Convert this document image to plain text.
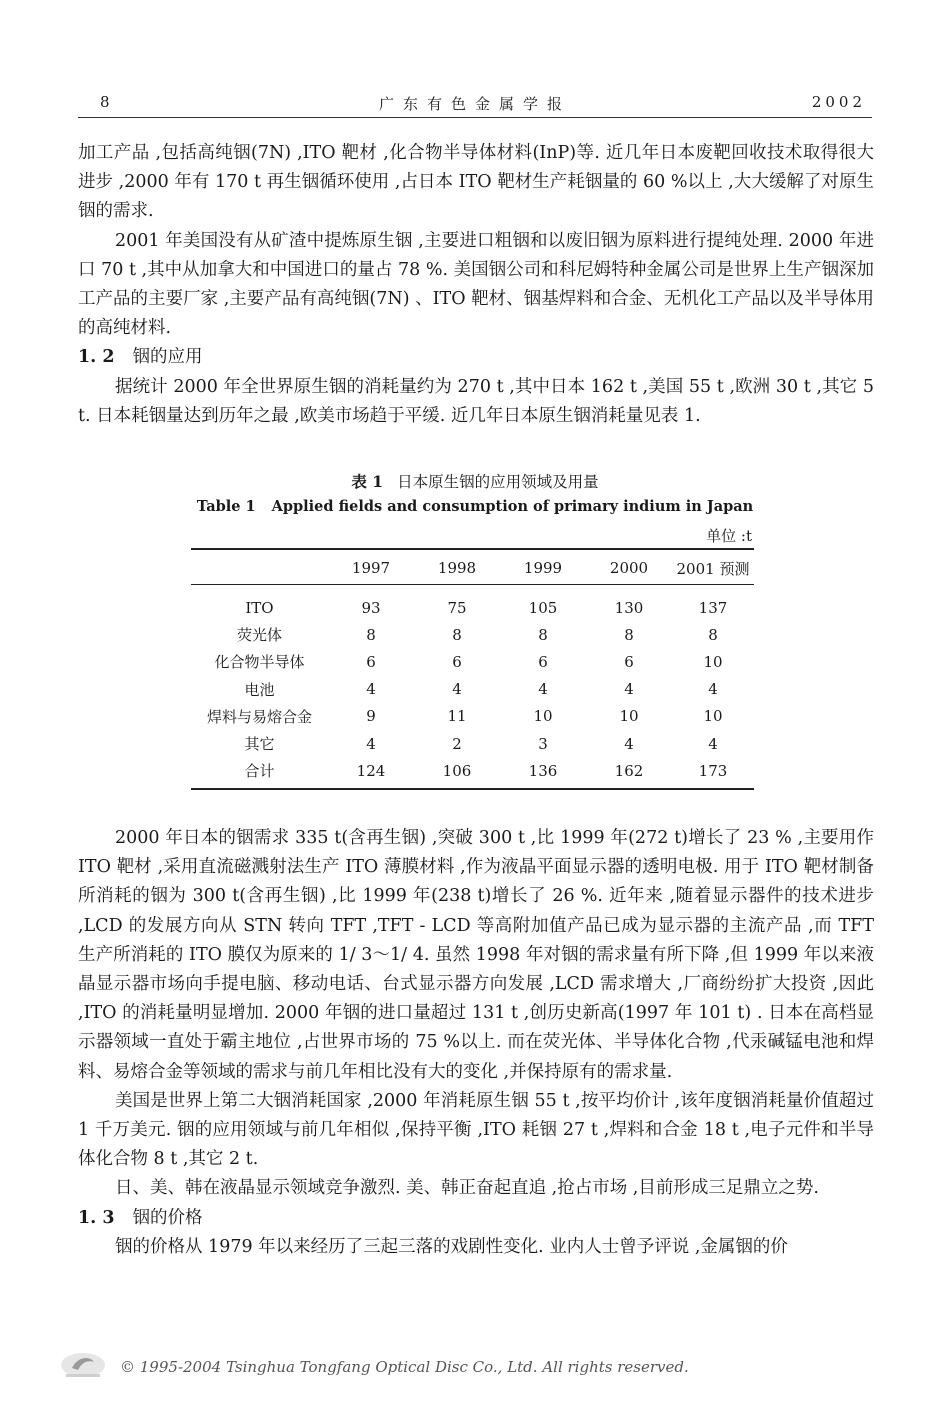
8	广东有色金属学报	2002

加工产品 ,包括高纯铟(7N) ,ITO 靶材 ,化合物半导体材料(InP)等. 近几年日本废靶回收技术取得很大进步 ,2000 年有 170 t 再生铟循环使用 ,占日本 ITO 靶材生产耗铟量的 60 %以上 ,大大缓解了对原生铟的需求.

2001 年美国没有从矿渣中提炼原生铟 ,主要进口粗铟和以废旧铟为原料进行提纯处理. 2000 年进口 70 t ,其中从加拿大和中国进口的量占 78 %. 美国铟公司和科尼姆特种金属公司是世界上生产铟深加工产品的主要厂家 ,主要产品有高纯铟(7N) 、ITO 靶材、铟基焊料和合金、无机化工产品以及半导体用的高纯材料.

1. 2 铟的应用

据统计 2000 年全世界原生铟的消耗量约为 270 t ,其中日本 162 t ,美国 55 t ,欧洲 30 t ,其它 5 t. 日本耗铟量达到历年之最 ,欧美市场趋于平缓. 近几年日本原生铟消耗量见表 1.

表 1 日本原生铟的应用领域及用量
Table 1 Applied fields and consumption of primary indium in Japan
单位 :t
	1997	1998	1999	2000	2001 预测
ITO	93	75	105	130	137
荧光体	8	8	8	8	8
化合物半导体	6	6	6	6	10
电池	4	4	4	4	4
焊料与易熔合金	9	11	10	10	10
其它	4	2	3	4	4
合计	124	106	136	162	173

2000 年日本的铟需求 335 t(含再生铟) ,突破 300 t ,比 1999 年(272 t)增长了 23 % ,主要用作 ITO 靶材 ,采用直流磁溅射法生产 ITO 薄膜材料 ,作为液晶平面显示器的透明电极. 用于 ITO 靶材制备所消耗的铟为 300 t(含再生铟) ,比 1999 年(238 t)增长了 26 %. 近年来 ,随着显示器件的技术进步 ,LCD 的发展方向从 STN 转向 TFT ,TFT - LCD 等高附加值产品已成为显示器的主流产品 ,而 TFT 生产所消耗的 ITO 膜仅为原来的 1/ 3～1/ 4. 虽然 1998 年对铟的需求量有所下降 ,但 1999 年以来液晶显示器市场向手提电脑、移动电话、台式显示器方向发展 ,LCD 需求增大 ,厂商纷纷扩大投资 ,因此 ,ITO 的消耗量明显增加. 2000 年铟的进口量超过 131 t ,创历史新高(1997 年 101 t) . 日本在高档显示器领域一直处于霸主地位 ,占世界市场的 75 %以上. 而在荧光体、半导体化合物 ,代汞碱锰电池和焊料、易熔合金等领域的需求与前几年相比没有大的变化 ,并保持原有的需求量.

美国是世界上第二大铟消耗国家 ,2000 年消耗原生铟 55 t ,按平均价计 ,该年度铟消耗量价值超过 1 千万美元. 铟的应用领域与前几年相似 ,保持平衡 ,ITO 耗铟 27 t ,焊料和合金 18 t ,电子元件和半导体化合物 8 t ,其它 2 t.

日、美、韩在液晶显示领域竞争激烈. 美、韩正奋起直追 ,抢占市场 ,目前形成三足鼎立之势.

1. 3 铟的价格

铟的价格从 1979 年以来经历了三起三落的戏剧性变化. 业内人士曾予评说 ,金属铟的价

© 1995-2004 Tsinghua Tongfang Optical Disc Co., Ltd. All rights reserved.
